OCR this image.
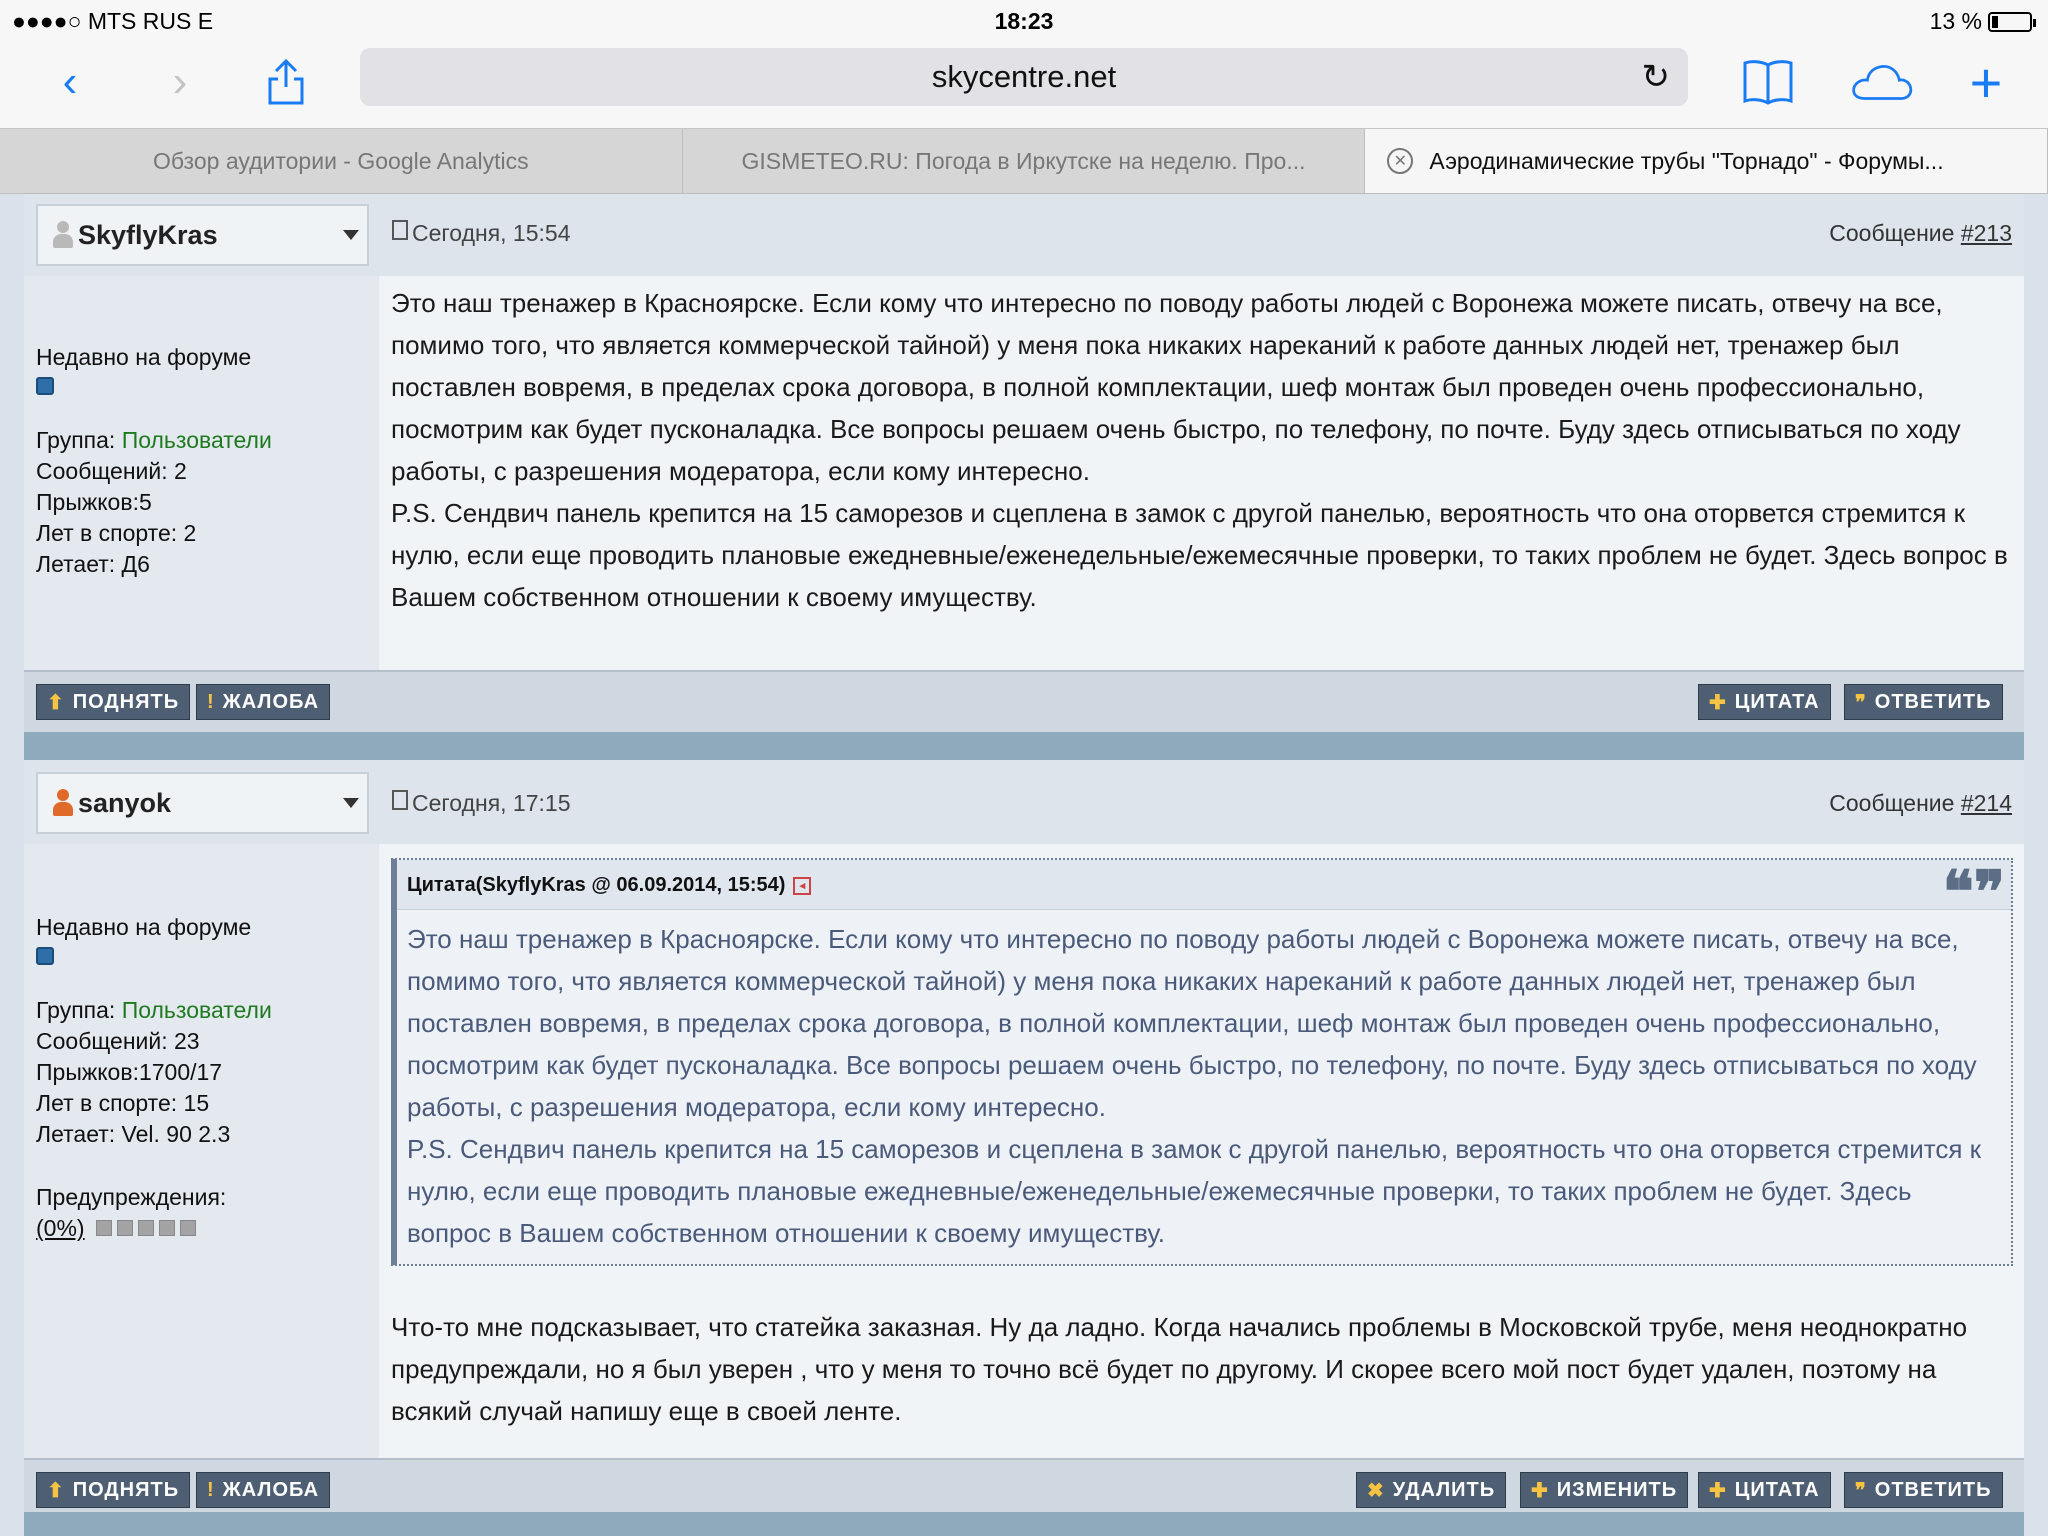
●●●●○ MTS RUS E	18:23	13 %
‹ ›	skycentre.net	↻	+
Обзор аудитории - Google Analytics	GISMETEO.RU: Погода в Иркутске на неделю. Про...	✕ Аэродинамические трубы "Торнадо" - Форумы...
SkyflyKras	Сегодня, 15:54	Сообщение #213
Недавно на форуме
Группа: Пользователи
Сообщений: 2
Прыжков:5
Лет в спорте: 2
Летает: Д6
Это наш тренажер в Красноярске. Если кому что интересно по поводу работы людей с Воронежа можете писать, отвечу на все, помимо того, что является коммерческой тайной) у меня пока никаких нареканий к работе данных людей нет, тренажер был поставлен вовремя, в пределах срока договора, в полной комплектации, шеф монтаж был проведен очень профессионально, посмотрим как будет пусконаладка. Все вопросы решаем очень быстро, по телефону, по почте. Буду здесь отписываться по ходу работы, с разрешения модератора, если кому интересно.
P.S. Сендвич панель крепится на 15 саморезов и сцеплена в замок с другой панелью, вероятность что она оторвется стремится к нулю, если еще проводить плановые ежедневные/еженедельные/ежемесячные проверки, то таких проблем не будет. Здесь вопрос в Вашем собственном отношении к своему имуществу.
⬆ ПОДНЯТЬ ! ЖАЛОБА	✚ ЦИТАТА ❞ ОТВЕТИТЬ
sanyok	Сегодня, 17:15	Сообщение #214
Недавно на форуме
Группа: Пользователи
Сообщений: 23
Прыжков:1700/17
Лет в спорте: 15
Летает: Vel. 90 2.3
Предупреждения:
(0%)
Цитата(SkyflyKras @ 06.09.2014, 15:54) ◂	❝❞
Это наш тренажер в Красноярске. Если кому что интересно по поводу работы людей с Воронежа можете писать, отвечу на все, помимо того, что является коммерческой тайной) у меня пока никаких нареканий к работе данных людей нет, тренажер был поставлен вовремя, в пределах срока договора, в полной комплектации, шеф монтаж был проведен очень профессионально, посмотрим как будет пусконаладка. Все вопросы решаем очень быстро, по телефону, по почте. Буду здесь отписываться по ходу работы, с разрешения модератора, если кому интересно.
P.S. Сендвич панель крепится на 15 саморезов и сцеплена в замок с другой панелью, вероятность что она оторвется стремится к нулю, если еще проводить плановые ежедневные/еженедельные/ежемесячные проверки, то таких проблем не будет. Здесь вопрос в Вашем собственном отношении к своему имуществу.
Что-то мне подсказывает, что статейка заказная. Ну да ладно. Когда начались проблемы в Московской трубе, меня неоднократно предупреждали, но я был уверен , что у меня то точно всё будет по другому. И скорее всего мой пост будет удален, поэтому на всякий случай напишу еще в своей ленте.
⬆ ПОДНЯТЬ ! ЖАЛОБА	✖ УДАЛИТЬ ✚ ИЗМЕНИТЬ ✚ ЦИТАТА ❞ ОТВЕТИТЬ
